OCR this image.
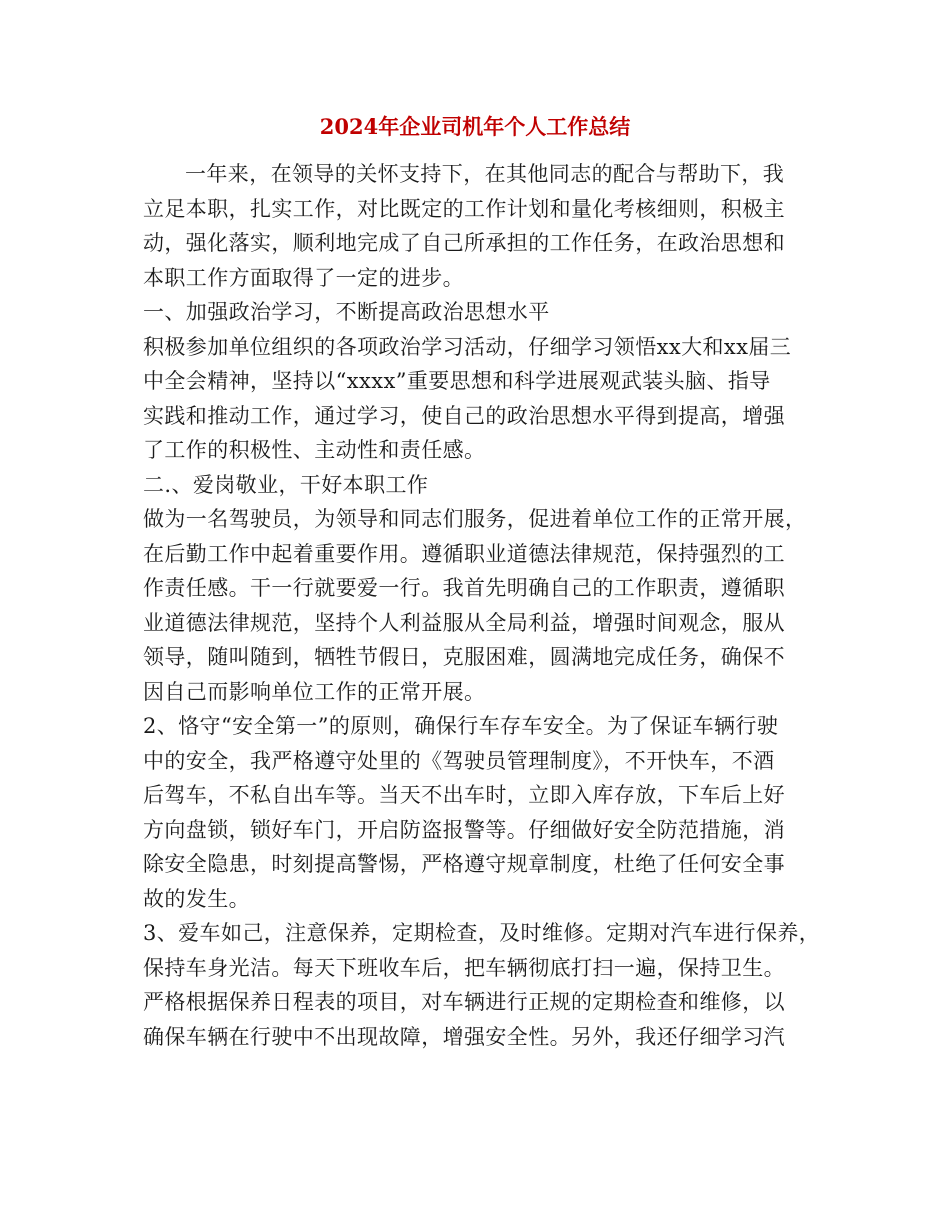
2024年企业司机年个人工作总结
一年来，在领导的关怀支持下，在其他同志的配合与帮助下，我
立足本职，扎实工作，对比既定的工作计划和量化考核细则，积极主
动，强化落实，顺利地完成了自己所承担的工作任务，在政治思想和
本职工作方面取得了一定的进步。
一、加强政治学习，不断提高政治思想水平
积极参加单位组织的各项政治学习活动，仔细学习领悟xx大和xx届三
中全会精神，坚持以“xxxx”重要思想和科学进展观武装头脑、指导
实践和推动工作，通过学习，使自己的政治思想水平得到提高，增强
了工作的积极性、主动性和责任感。
二.、爱岗敬业，干好本职工作
做为一名驾驶员，为领导和同志们服务，促进着单位工作的正常开展，
在后勤工作中起着重要作用。遵循职业道德法律规范，保持强烈的工
作责任感。干一行就要爱一行。我首先明确自己的工作职责，遵循职
业道德法律规范，坚持个人利益服从全局利益，增强时间观念，服从
领导，随叫随到，牺牲节假日，克服困难，圆满地完成任务，确保不
因自己而影响单位工作的正常开展。
2、恪守“安全第一”的原则，确保行车存车安全。为了保证车辆行驶
中的安全，我严格遵守处里的《驾驶员管理制度》，不开快车，不酒
后驾车，不私自出车等。当天不出车时，立即入库存放，下车后上好
方向盘锁，锁好车门，开启防盗报警等。仔细做好安全防范措施，消
除安全隐患，时刻提高警惕，严格遵守规章制度，杜绝了任何安全事
故的发生。
3、爱车如己，注意保养，定期检查，及时维修。定期对汽车进行保养，
保持车身光洁。每天下班收车后，把车辆彻底打扫一遍，保持卫生。
严格根据保养日程表的项目，对车辆进行正规的定期检查和维修，以
确保车辆在行驶中不出现故障，增强安全性。另外，我还仔细学习汽
